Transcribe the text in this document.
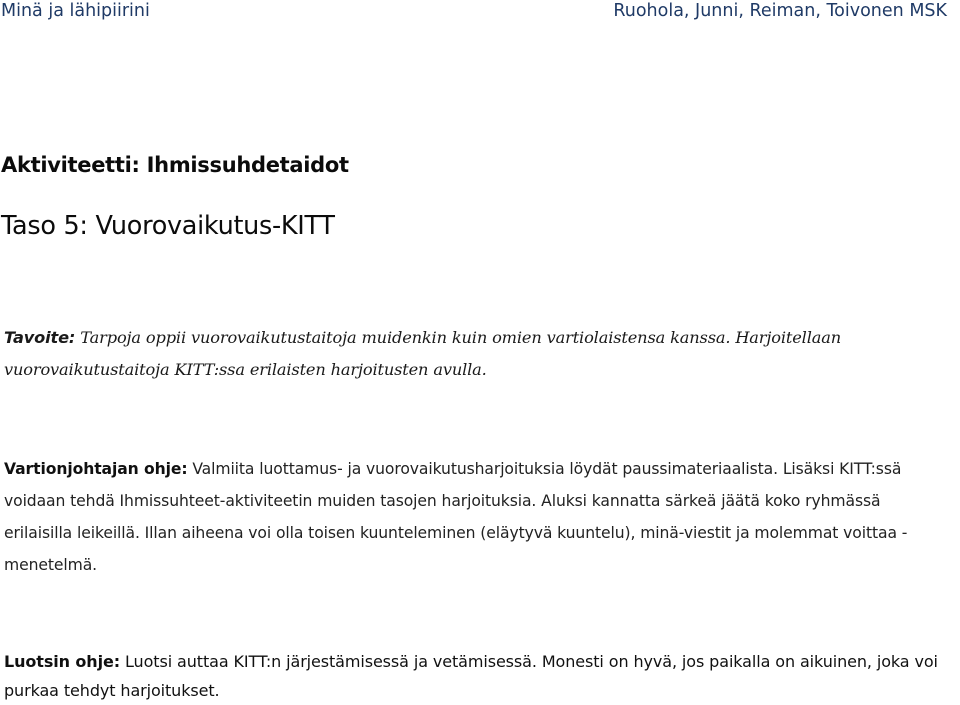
Minä ja lähipiirini	Ruohola, Junni, Reiman, Toivonen MSK
Aktiviteetti: Ihmissuhdetaidot
Taso 5: Vuorovaikutus-KITT
Tavoite: Tarpoja oppii vuorovaikutustaitoja muidenkin kuin omien vartiolaistensa kanssa. Harjoitellaan vuorovaikutustaitoja KITT:ssa erilaisten harjoitusten avulla.
Vartionjohtajan ohje: Valmiita luottamus- ja vuorovaikutusharjoituksia löydät paussimateriaalista. Lisäksi KITT:ssä voidaan tehdä Ihmissuhteet-aktiviteetin muiden tasojen harjoituksia. Aluksi kannatta särkeä jäätä koko ryhmässä erilaisilla leikeillä. Illan aiheena voi olla toisen kuunteleminen (eläytyvä kuuntelu), minä-viestit ja molemmat voittaa -menetelmä.
Luotsin ohje: Luotsi auttaa KITT:n järjestämisessä ja vetämisessä. Monesti on hyvä, jos paikalla on aikuinen, joka voi purkaa tehdyt harjoitukset.
